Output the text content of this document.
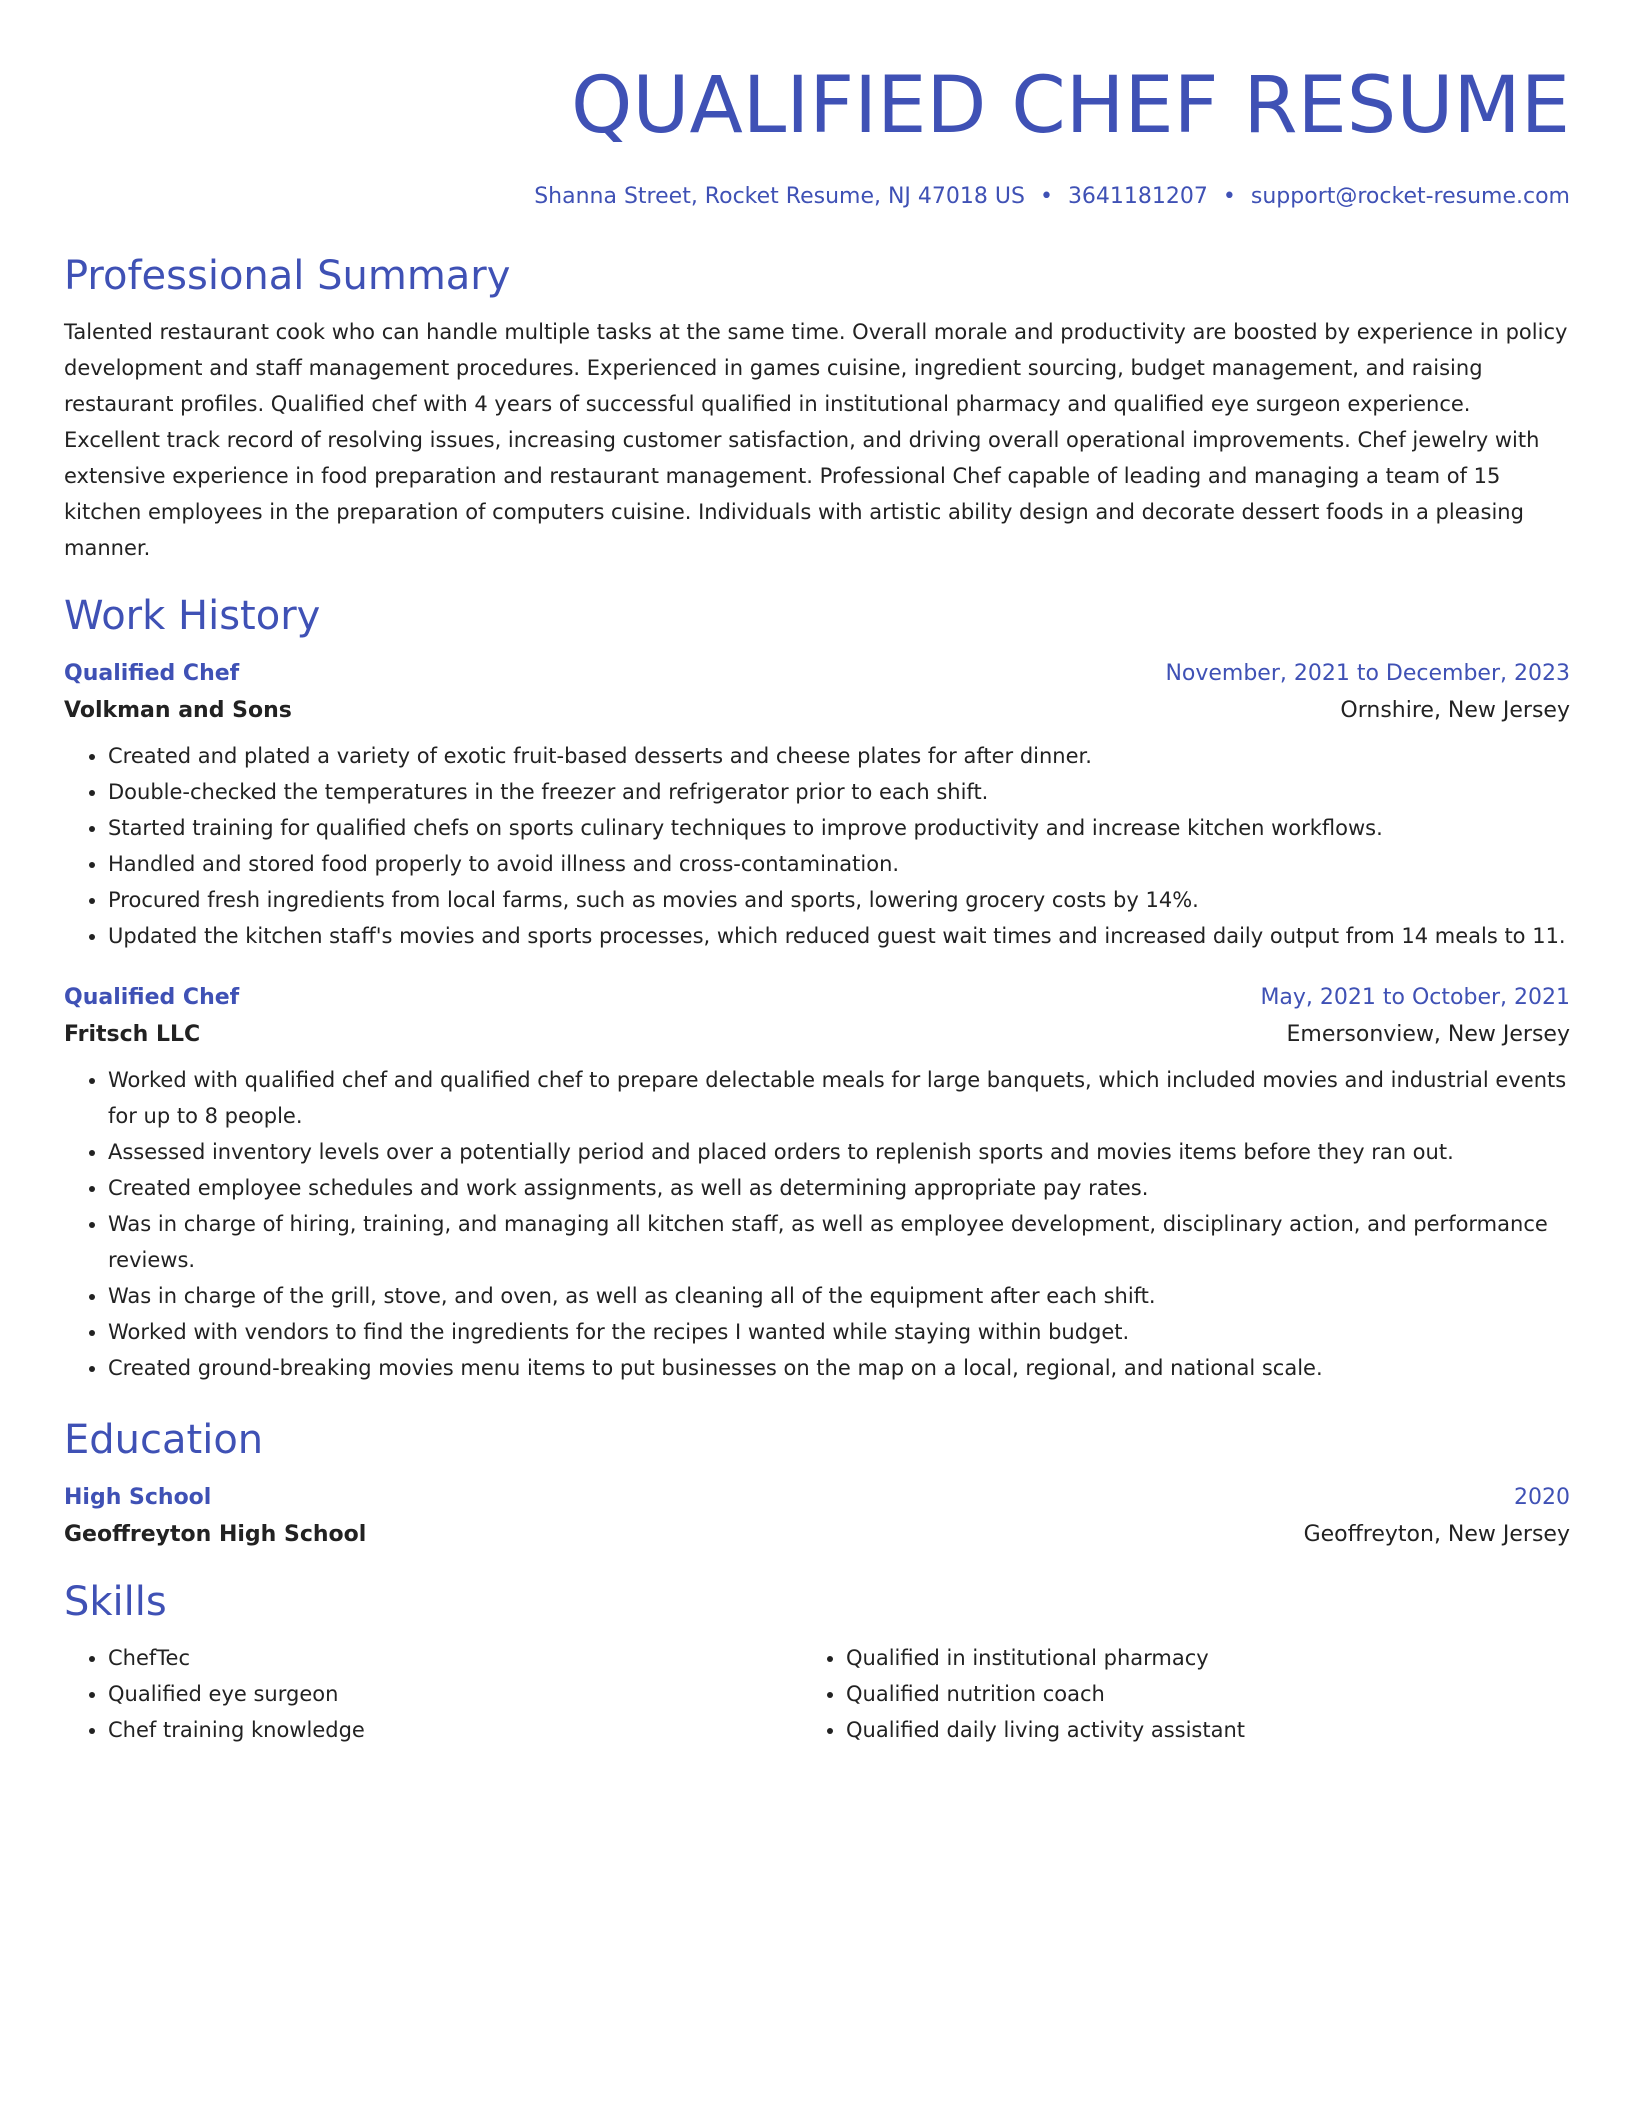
QUALIFIED CHEF RESUME
Shanna Street, Rocket Resume, NJ 47018 US • 3641181207 • support@rocket-resume.com
Professional Summary
Talented restaurant cook who can handle multiple tasks at the same time. Overall morale and productivity are boosted by experience in policy development and staff management procedures. Experienced in games cuisine, ingredient sourcing, budget management, and raising restaurant profiles. Qualified chef with 4 years of successful qualified in institutional pharmacy and qualified eye surgeon experience. Excellent track record of resolving issues, increasing customer satisfaction, and driving overall operational improvements. Chef jewelry with extensive experience in food preparation and restaurant management. Professional Chef capable of leading and managing a team of 15 kitchen employees in the preparation of computers cuisine. Individuals with artistic ability design and decorate dessert foods in a pleasing manner.
Work History
Qualified Chef	November, 2021 to December, 2023
Volkman and Sons	Ornshire, New Jersey
• Created and plated a variety of exotic fruit-based desserts and cheese plates for after dinner.
• Double-checked the temperatures in the freezer and refrigerator prior to each shift.
• Started training for qualified chefs on sports culinary techniques to improve productivity and increase kitchen workflows.
• Handled and stored food properly to avoid illness and cross-contamination.
• Procured fresh ingredients from local farms, such as movies and sports, lowering grocery costs by 14%.
• Updated the kitchen staff's movies and sports processes, which reduced guest wait times and increased daily output from 14 meals to 11.
Qualified Chef	May, 2021 to October, 2021
Fritsch LLC	Emersonview, New Jersey
• Worked with qualified chef and qualified chef to prepare delectable meals for large banquets, which included movies and industrial events for up to 8 people.
• Assessed inventory levels over a potentially period and placed orders to replenish sports and movies items before they ran out.
• Created employee schedules and work assignments, as well as determining appropriate pay rates.
• Was in charge of hiring, training, and managing all kitchen staff, as well as employee development, disciplinary action, and performance reviews.
• Was in charge of the grill, stove, and oven, as well as cleaning all of the equipment after each shift.
• Worked with vendors to find the ingredients for the recipes I wanted while staying within budget.
• Created ground-breaking movies menu items to put businesses on the map on a local, regional, and national scale.
Education
High School	2020
Geoffreyton High School	Geoffreyton, New Jersey
Skills
• ChefTec
• Qualified eye surgeon
• Chef training knowledge
• Qualified in institutional pharmacy
• Qualified nutrition coach
• Qualified daily living activity assistant
